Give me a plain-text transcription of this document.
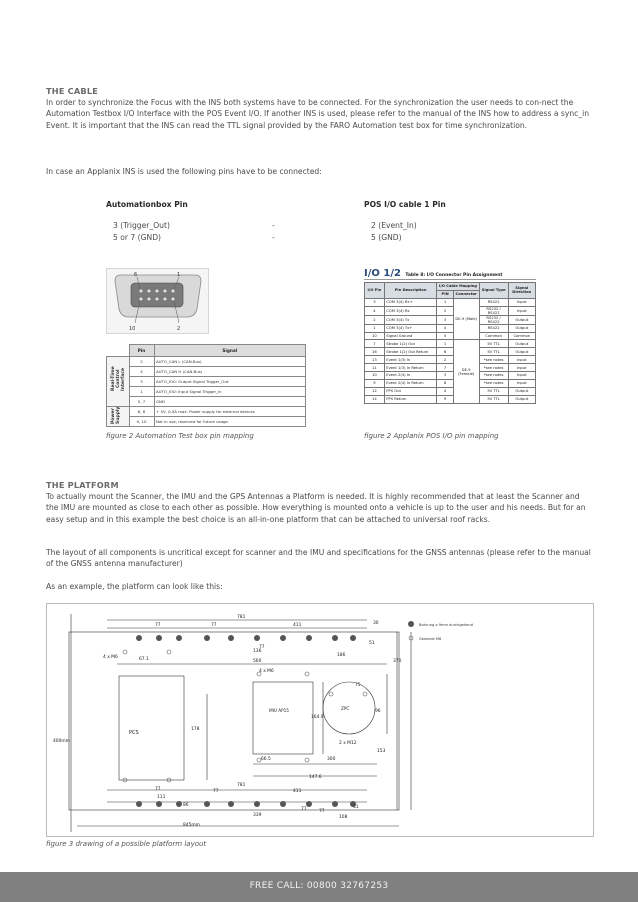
THE CABLE
In order to synchronize the Focus with the INS both systems have to be connected. For the synchronization the user needs to con-nect the Automation Testbox I/O Interface with the POS Event I/O. If another INS is used, please refer to the manual of the INS how to address a sync_in Event. It is important that the INS can read the TTL signal provided by the FARO Automation test box for time synchronization.
In case an Applanix INS is used the following pins have to be connected:
Automationbox Pin	POS I/O cable 1 Pin
3 (Trigger_Out)	-	2 (Event_In)
5 or 7 (GND)	-	5 (GND)
6	1
10	2
	Pin	Signal

Real-Time Control Interface	2	AUTO_CAN L (CAN-Bus)
	4	AUTO_CAN H (CAN-Bus)
	3	AUTO_IO0: Output Signal Trigger_Out
	1	AUTO_IO0: Input Signal Trigger_In
	5, 7	GND

Power Supply	6, 8	+ 5V, 0.5A max. Power supply for external devices
	9, 10	Not in use, reserved for future usage.
figure 2 Automation Test box pin mapping
I/O 1/2 Table 8: I/O Connector Pin Assignment
I/O Pin	Pin Description	I/O Cable Mapping		Signal Type	Signal Direction
		PIN	Connector		
3	COM 3(4) Rx+	1	DE-9 (Male)	RS422	Input
4	COM 3(4) Rx	2		RS232 / RS422	Input
2	COM 3(4) Tx	3		RS232 / RS422	Output
1	COM 3(4) Tx+	4		RS422	Output
10	Signal Ground	5		Common	Common
7	Strobe 1(2) Out	1	DE-9 (Female)	5V TTL	Output
16	Strobe 1(2) Out Return	6		5V TTL	Output
13	Event 1(3) In	2		*see notes	Input
11	Event 1(3) In Return	7		*see notes	Input
10	Event 2(4) In	3		*see notes	Input
9	Event 2(4) In Return	8		*see notes	Input
12	PPS Out	4		5V TTL	Output
14	PPS Return	9		5V TTL	Output
figure 2 Applanix POS I/O pin mapping
THE PLATFORM
To actually mount the Scanner, the IMU and the GPS Antennas a Platform is needed. It is highly recommended that at least the Scanner and the IMU are mounted as close to each other as possible. How everything is mounted onto a vehicle is up to the user and his needs. But for an easy setup and in this example the best choice is an all-in-one platform that can be attached to universal roof racks.
The layout of all components is uncritical except for scanner and the IMU and specifications for the GNSS antennas (please refer to the manual of the GNSS antenna manufacturer)
As an example, the platform can look like this:
Bohrung ⌀ 9mm durchgehend
Gewinde M6
PCS
IMU AP15	ZPC
781
77	77	411
77
51
30
136
186
4 x M6	67.1	560	370
4 x M6
75
400mm
178
164.9
96
2 x M12
153
66.5	300
147.6
781
77	77	411
111
86
77	51
339	108
845mm
77
figure 3 drawing of a possible platform layout
FREE CALL: 00800 32767253
